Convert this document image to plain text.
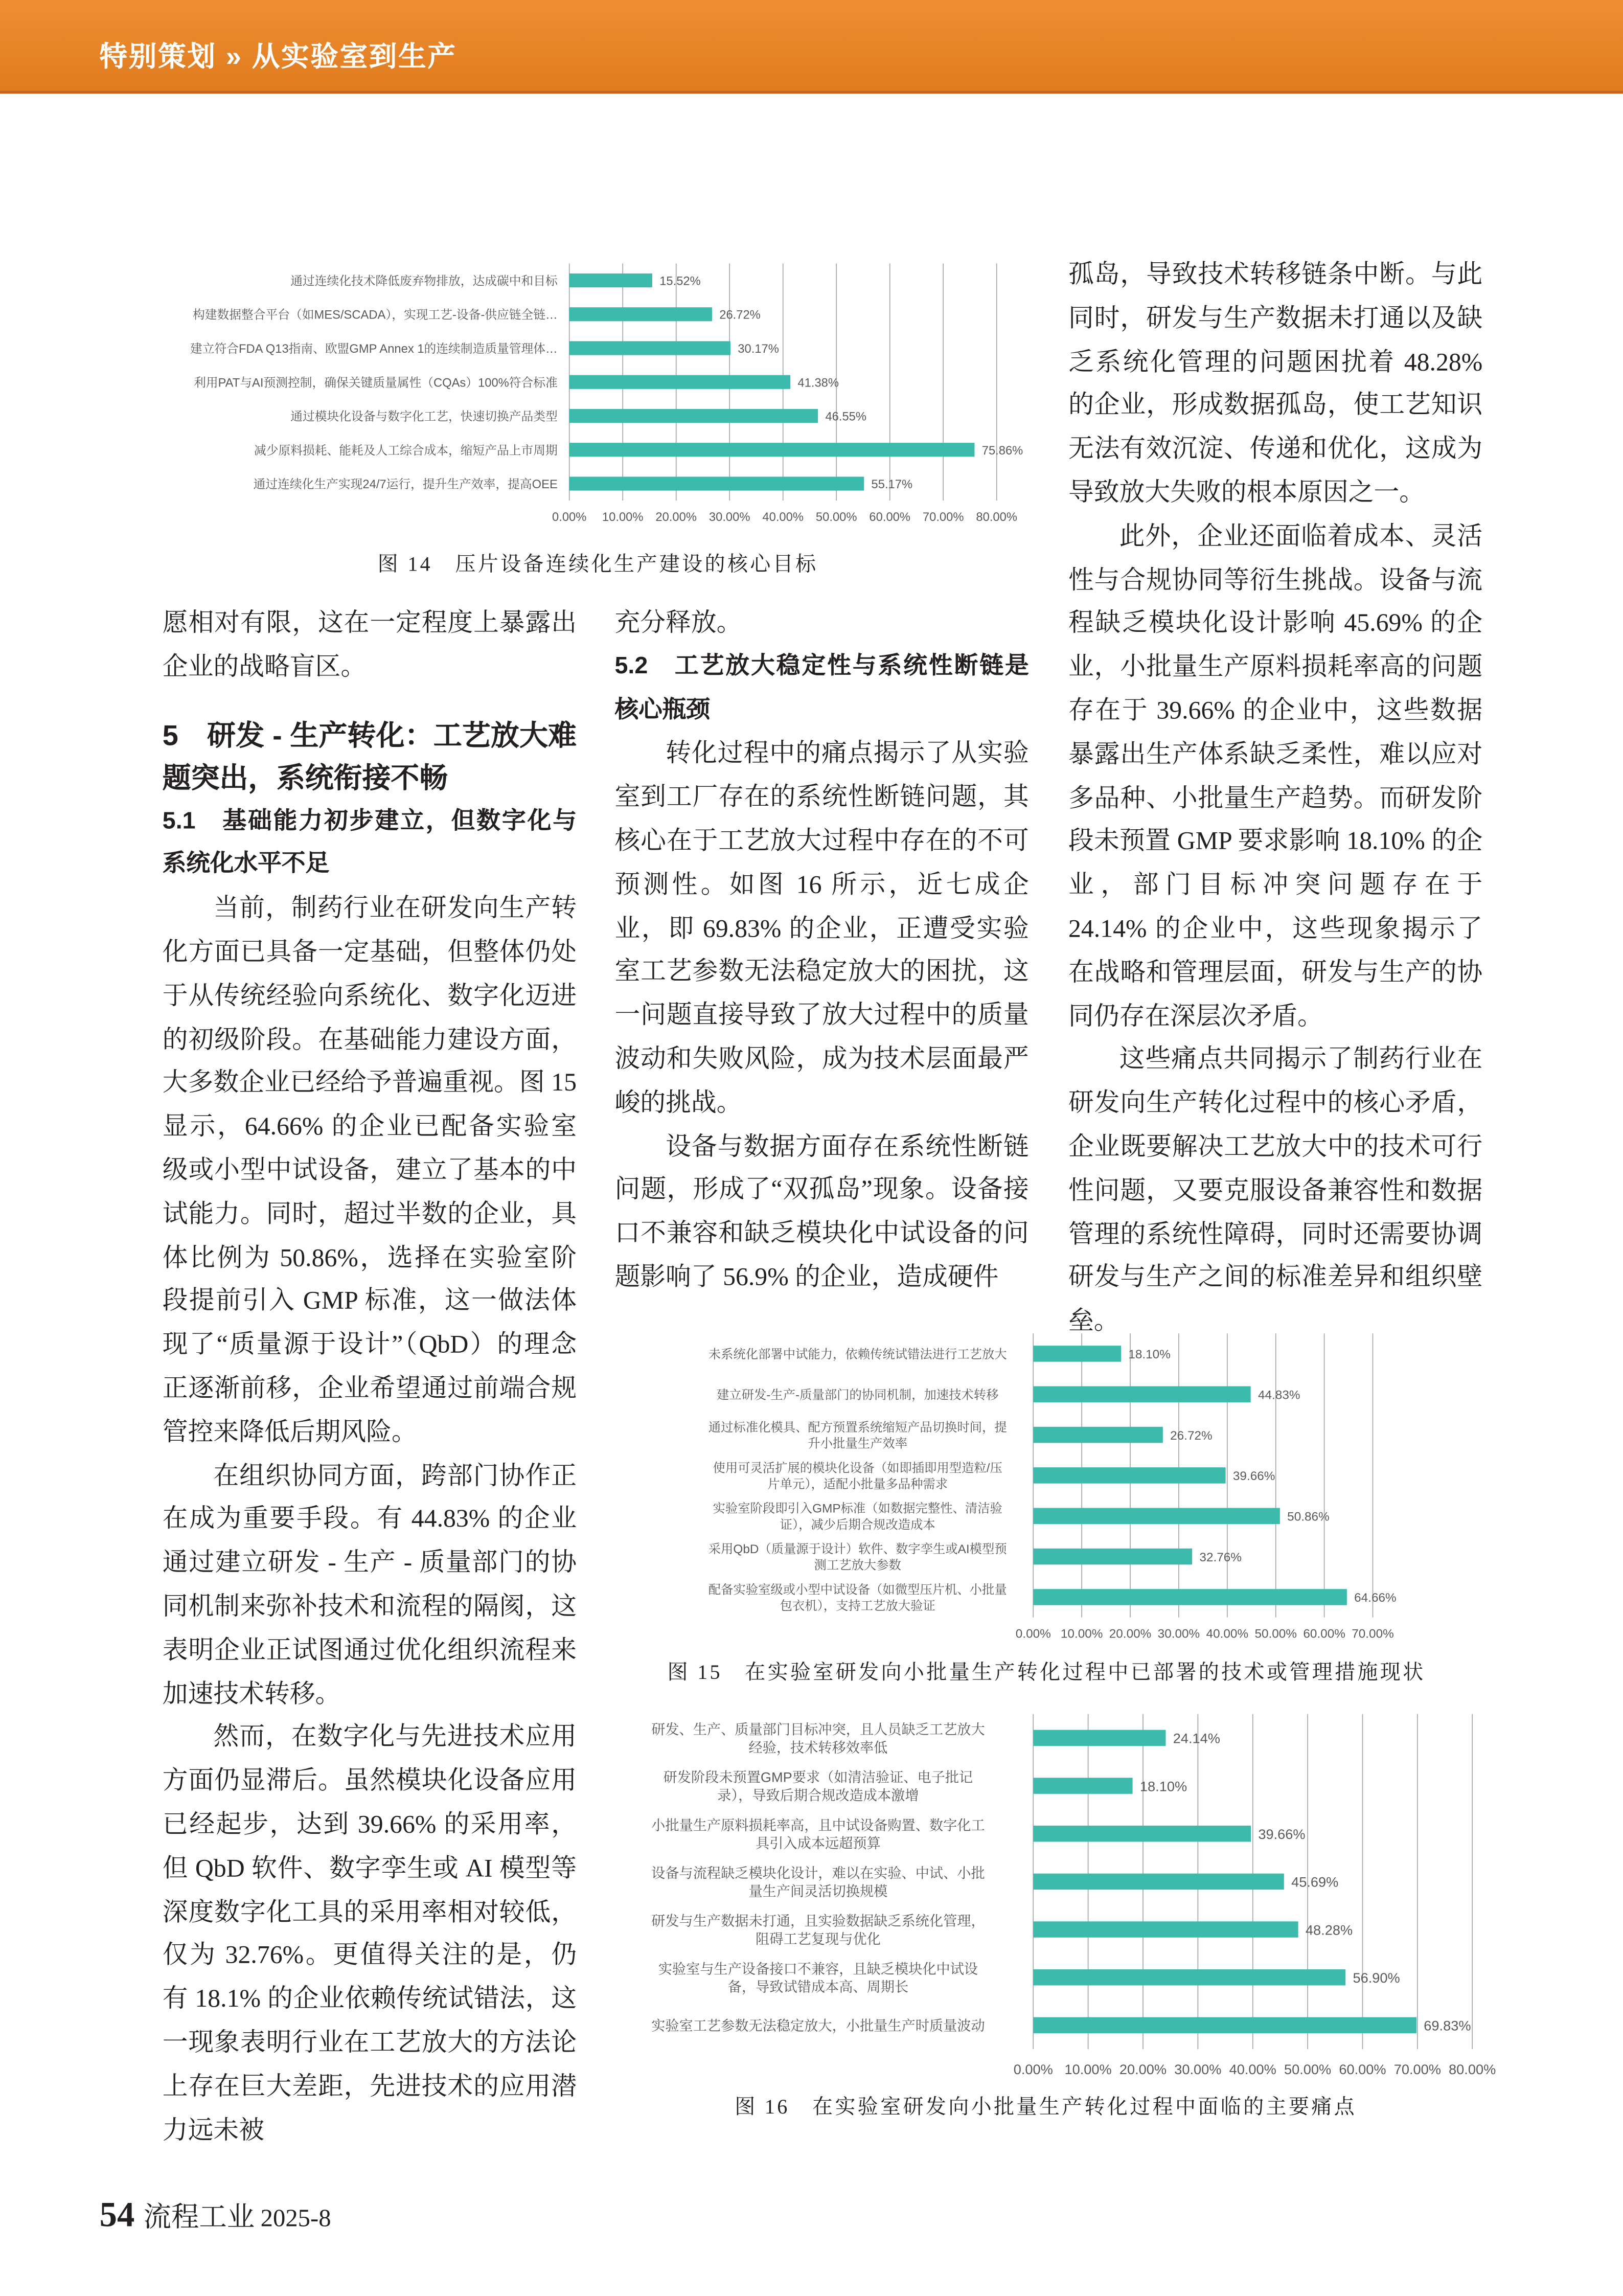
特别策划 » 从实验室到生产
0.00%	10.00%	20.00%	30.00%	40.00%	50.00%	60.00%	70.00%	80.00%
15.52%
通过连续化技术降低废弃物排放，达成碳中和目标
26.72%
构建数据整合平台（如MES/SCADA），实现工艺-设备-供应链全链…
30.17%
建立符合FDA Q13指南、欧盟GMP Annex 1的连续制造质量管理体…
41.38%
利用PAT与AI预测控制，确保关键质量属性（CQAs）100%符合标准
46.55%
通过模块化设备与数字化工艺，快速切换产品类型
75.86%
减少原料损耗、能耗及人工综合成本，缩短产品上市周期
55.17%
通过连续化生产实现24/7运行，提升生产效率，提高OEE
图 14　压片设备连续化生产建设的核心目标
0.00% 10.00% 20.00% 30.00% 40.00% 50.00% 60.00% 70.00%
18.10%
未系统化部署中试能力，依赖传统试错法进行工艺放大
44.83%
建立研发-生产-质量部门的协同机制，加速技术转移
26.72%
通过标准化模具、配方预置系统缩短产品切换时间，提升小批量生产效率
39.66%
使用可灵活扩展的模块化设备（如即插即用型造粒/压片单元），适配小批量多品种需求
50.86%
实验室阶段即引入GMP标准（如数据完整性、清洁验证），减少后期合规改造成本
32.76%
采用QbD（质量源于设计）软件、数字孪生或AI模型预测工艺放大参数
64.66%
配备实验室级或小型中试设备（如微型压片机、小批量包衣机），支持工艺放大验证
图 15　在实验室研发向小批量生产转化过程中已部署的技术或管理措施现状
0.00% 10.00% 20.00% 30.00% 40.00% 50.00% 60.00% 70.00% 80.00%
24.14%
研发、生产、质量部门目标冲突，且人员缺乏工艺放大经验，技术转移效率低
18.10%
研发阶段未预置GMP要求（如清洁验证、电子批记录），导致后期合规改造成本激增
39.66%
小批量生产原料损耗率高，且中试设备购置、数字化工具引入成本远超预算
45.69%
设备与流程缺乏模块化设计，难以在实验、中试、小批量生产间灵活切换规模
48.28%
研发与生产数据未打通，且实验数据缺乏系统化管理，阻碍工艺复现与优化
56.90%
实验室与生产设备接口不兼容，且缺乏模块化中试设备，导致试错成本高、周期长
69.83%
实验室工艺参数无法稳定放大，小批量生产时质量波动
图 16　在实验室研发向小批量生产转化过程中面临的主要痛点

愿相对有限，这在一定程度上暴露出企业的战略盲区。

5　研发 - 生产转化：工艺放大难题突出，系统衔接不畅
5.1　基础能力初步建立，但数字化与系统化水平不足

当前，制药行业在研发向生产转化方面已具备一定基础，但整体仍处于从传统经验向系统化、数字化迈进的初级阶段。在基础能力建设方面，大多数企业已经给予普遍重视。图 15 显示，64.66% 的企业已配备实验室级或小型中试设备，建立了基本的中试能力。同时，超过半数的企业，具体比例为 50.86%，选择在实验室阶段提前引入 GMP 标准，这一做法体现了“质量源于设计”（QbD）的理念正逐渐前移，企业希望通过前端合规管控来降低后期风险。

在组织协同方面，跨部门协作正在成为重要手段。有 44.83% 的企业通过建立研发 - 生产 - 质量部门的协同机制来弥补技术和流程的隔阂，这表明企业正试图通过优化组织流程来加速技术转移。

然而，在数字化与先进技术应用方面仍显滞后。虽然模块化设备应用已经起步，达到 39.66% 的采用率，但 QbD 软件、数字孪生或 AI 模型等深度数字化工具的采用率相对较低，仅为 32.76%。更值得关注的是，仍有 18.1% 的企业依赖传统试错法，这一现象表明行业在工艺放大的方法论上存在巨大差距，先进技术的应用潜力远未被

充分释放。

5.2　工艺放大稳定性与系统性断链是核心瓶颈

转化过程中的痛点揭示了从实验室到工厂存在的系统性断链问题，其核心在于工艺放大过程中存在的不可预测性。如图 16 所示，近七成企业，即 69.83% 的企业，正遭受实验室工艺参数无法稳定放大的困扰，这一问题直接导致了放大过程中的质量波动和失败风险，成为技术层面最严峻的挑战。

设备与数据方面存在系统性断链问题，形成了“双孤岛”现象。设备接口不兼容和缺乏模块化中试设备的问题影响了 56.9% 的企业，造成硬件

孤岛，导致技术转移链条中断。与此同时，研发与生产数据未打通以及缺乏系统化管理的问题困扰着 48.28% 的企业，形成数据孤岛，使工艺知识无法有效沉淀、传递和优化，这成为导致放大失败的根本原因之一。

此外，企业还面临着成本、灵活性与合规协同等衍生挑战。设备与流程缺乏模块化设计影响 45.69% 的企业，小批量生产原料损耗率高的问题存在于 39.66% 的企业中，这些数据暴露出生产体系缺乏柔性，难以应对多品种、小批量生产趋势。而研发阶段未预置 GMP 要求影响 18.10% 的企业，部门目标冲突问题存在于 24.14% 的企业中，这些现象揭示了在战略和管理层面，研发与生产的协同仍存在深层次矛盾。

这些痛点共同揭示了制药行业在研发向生产转化过程中的核心矛盾，企业既要解决工艺放大中的技术可行性问题，又要克服设备兼容性和数据管理的系统性障碍，同时还需要协调研发与生产之间的标准差异和组织壁垒。

54 流程工业 2025-8
